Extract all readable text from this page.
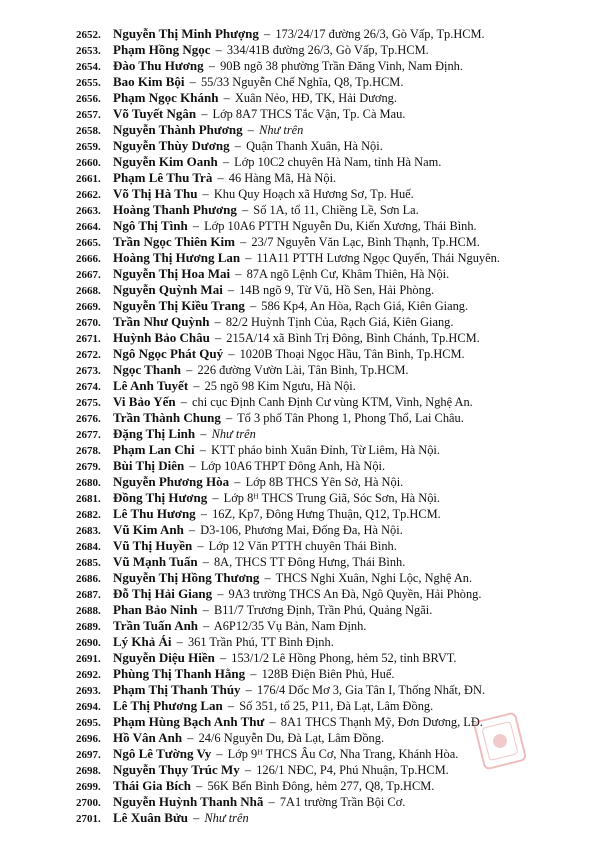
2652. Nguyễn Thị Minh Phượng – 173/24/17 đường 26/3, Gò Vấp, Tp.HCM.
2653. Phạm Hồng Ngọc – 334/41B đường 26/3, Gò Vấp, Tp.HCM.
2654. Đào Thu Hương – 90B ngõ 38 phường Trần Đăng Vinh, Nam Định.
2655. Bao Kim Bội – 55/33 Nguyễn Chế Nghĩa, Q8, Tp.HCM.
2656. Phạm Ngọc Khánh – Xuân Nẻo, HĐ, TK, Hải Dương.
2657. Võ Tuyết Ngân – Lớp 8A7 THCS Tắc Vận, Tp. Cà Mau.
2658. Nguyễn Thành Phương – Như trên
2659. Nguyễn Thùy Dương – Quận Thanh Xuân, Hà Nội.
2660. Nguyễn Kim Oanh – Lớp 10C2 chuyên Hà Nam, tỉnh Hà Nam.
2661. Phạm Lê Thu Trà – 46 Hàng Mã, Hà Nội.
2662. Võ Thị Hà Thu – Khu Quy Hoạch xã Hương Sơ, Tp. Huế.
2663. Hoàng Thanh Phương – Số 1A, tổ 11, Chiềng Lề, Sơn La.
2664. Ngô Thị Tình – Lớp 10A6 PTTH Nguyễn Du, Kiến Xương, Thái Bình.
2665. Trần Ngọc Thiên Kim – 23/7 Nguyễn Văn Lạc, Bình Thạnh, Tp.HCM.
2666. Hoàng Thị Hương Lan – 11A11 PTTH Lương Ngọc Quyến, Thái Nguyên.
2667. Nguyễn Thị Hoa Mai – 87A ngõ Lệnh Cư, Khâm Thiên, Hà Nội.
2668. Nguyễn Quỳnh Mai – 14B ngõ 9, Từ Vũ, Hồ Sen, Hải Phòng.
2669. Nguyễn Thị Kiều Trang – 586 Kp4, An Hòa, Rạch Giá, Kiên Giang.
2670. Trần Như Quỳnh – 82/2 Huỳnh Tịnh Của, Rạch Giá, Kiên Giang.
2671. Huỳnh Bảo Châu – 215A/14 xã Bình Trị Đông, Bình Chánh, Tp.HCM.
2672. Ngô Ngọc Phát Quý – 1020B Thoại Ngọc Hầu, Tân Bình, Tp.HCM.
2673. Ngọc Thanh – 226 đường Vườn Lài, Tân Bình, Tp.HCM.
2674. Lê Anh Tuyết – 25 ngõ 98 Kim Ngưu, Hà Nội.
2675. Vi Bảo Yến – chi cục Định Canh Định Cư vùng KTM, Vinh, Nghệ An.
2676. Trần Thành Chung – Tổ 3 phố Tân Phong 1, Phong Thổ, Lai Châu.
2677. Đặng Thị Linh – Như trên
2678. Phạm Lan Chi – KTT pháo binh Xuân Đỉnh, Từ Liêm, Hà Nội.
2679. Bùi Thị Diên – Lớp 10A6 THPT Đông Anh, Hà Nội.
2680. Nguyễn Phương Hòa – Lớp 8B THCS Yên Sở, Hà Nội.
2681. Đồng Thị Hương – Lớp 8ᴴ THCS Trung Giã, Sóc Sơn, Hà Nội.
2682. Lê Thu Hương – 16Z, Kp7, Đông Hưng Thuận, Q12, Tp.HCM.
2683. Vũ Kim Anh – D3-106, Phương Mai, Đống Đa, Hà Nội.
2684. Vũ Thị Huyền – Lớp 12 Văn PTTH chuyên Thái Bình.
2685. Vũ Mạnh Tuấn – 8A, THCS TT Đông Hưng, Thái Bình.
2686. Nguyễn Thị Hồng Thương – THCS Nghi Xuân, Nghi Lộc, Nghệ An.
2687. Đỗ Thị Hải Giang – 9A3 trường THCS An Đà, Ngô Quyền, Hải Phòng.
2688. Phan Bảo Ninh – B11/7 Trương Định, Trần Phú, Quảng Ngãi.
2689. Trần Tuấn Anh – A6P12/35 Vụ Bản, Nam Định.
2690. Lý Khả Ái – 361 Trần Phú, TT Bình Định.
2691. Nguyễn Diệu Hiền – 153/1/2 Lê Hồng Phong, hẻm 52, tỉnh BRVT.
2692. Phùng Thị Thanh Hằng – 128B Điện Biên Phủ, Huế.
2693. Phạm Thị Thanh Thúy – 176/4 Dốc Mơ 3, Gia Tân I, Thống Nhất, ĐN.
2694. Lê Thị Phương Lan – Số 351, tổ 25, P11, Đà Lạt, Lâm Đồng.
2695. Phạm Hùng Bạch Anh Thư – 8A1 THCS Thạnh Mỹ, Đơn Dương, LĐ.
2696. Hồ Vân Anh – 24/6 Nguyễn Du, Đà Lạt, Lâm Đồng.
2697. Ngô Lê Tường Vy – Lớp 9ᴴ THCS Âu Cơ, Nha Trang, Khánh Hòa.
2698. Nguyễn Thụy Trúc My – 126/1 NĐC, P4, Phú Nhuận, Tp.HCM.
2699. Thái Gia Bích – 56K Bến Bình Đông, hẻm 277, Q8, Tp.HCM.
2700. Nguyễn Huỳnh Thanh Nhã – 7A1 trường Trần Bội Cơ.
2701. Lê Xuân Bửu – Như trên
